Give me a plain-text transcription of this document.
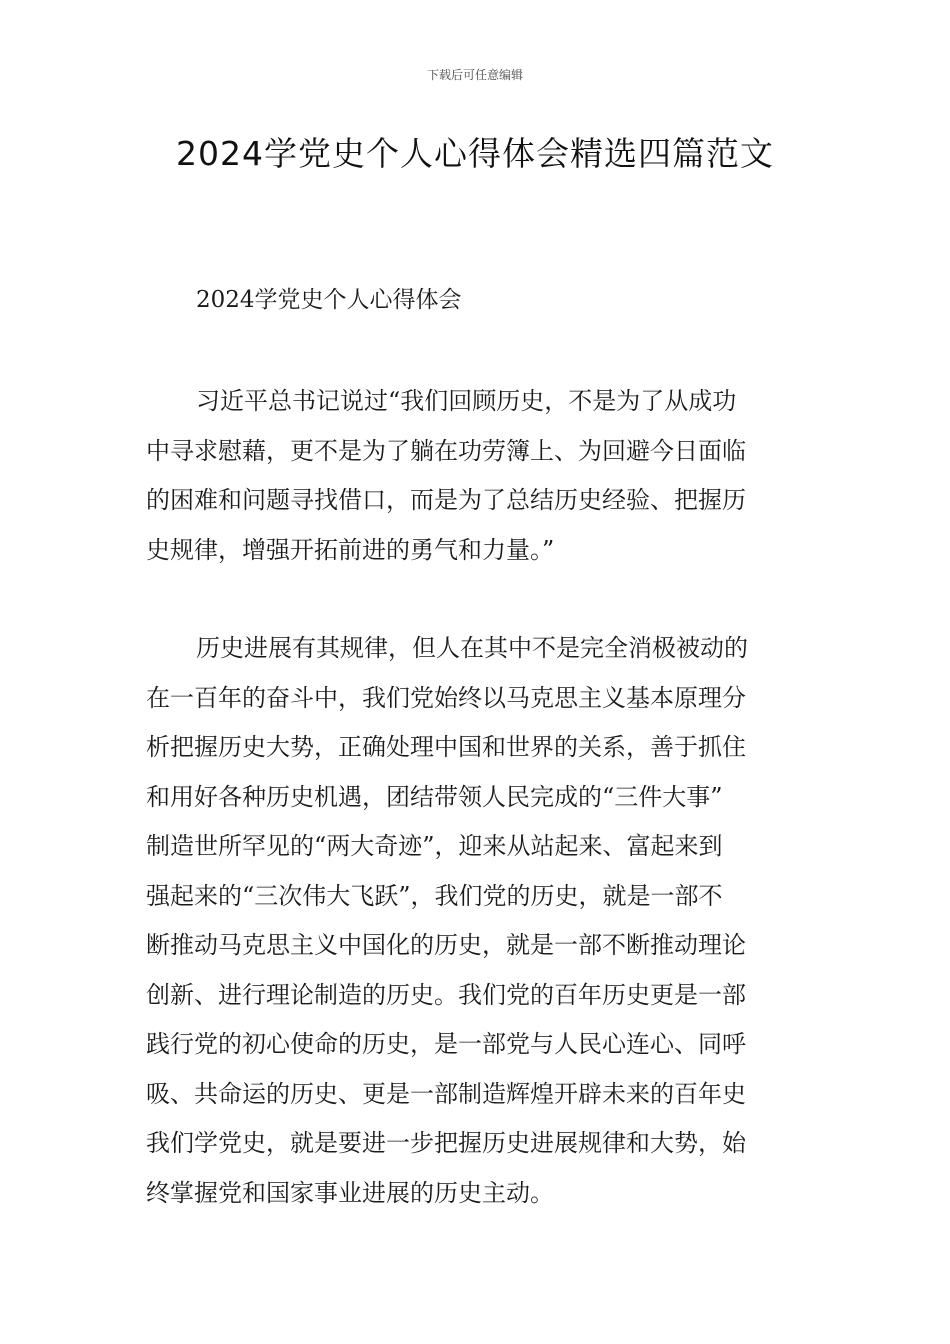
下载后可任意编辑
2024学党史个人心得体会精选四篇范文

2024学党史个人心得体会

习近平总书记说过“我们回顾历史，不是为了从成功
中寻求慰藉，更不是为了躺在功劳簿上、为回避今日面临
的困难和问题寻找借口，而是为了总结历史经验、把握历
史规律，增强开拓前进的勇气和力量。”
历史进展有其规律，但人在其中不是完全消极被动的
在一百年的奋斗中，我们党始终以马克思主义基本原理分
析把握历史大势，正确处理中国和世界的关系，善于抓住
和用好各种历史机遇，团结带领人民完成的“三件大事”
制造世所罕见的“两大奇迹”，迎来从站起来、富起来到
强起来的“三次伟大飞跃”，我们党的历史，就是一部不
断推动马克思主义中国化的历史，就是一部不断推动理论
创新、进行理论制造的历史。我们党的百年历史更是一部
践行党的初心使命的历史，是一部党与人民心连心、同呼
吸、共命运的历史、更是一部制造辉煌开辟未来的百年史
我们学党史，就是要进一步把握历史进展规律和大势，始
终掌握党和国家事业进展的历史主动。
